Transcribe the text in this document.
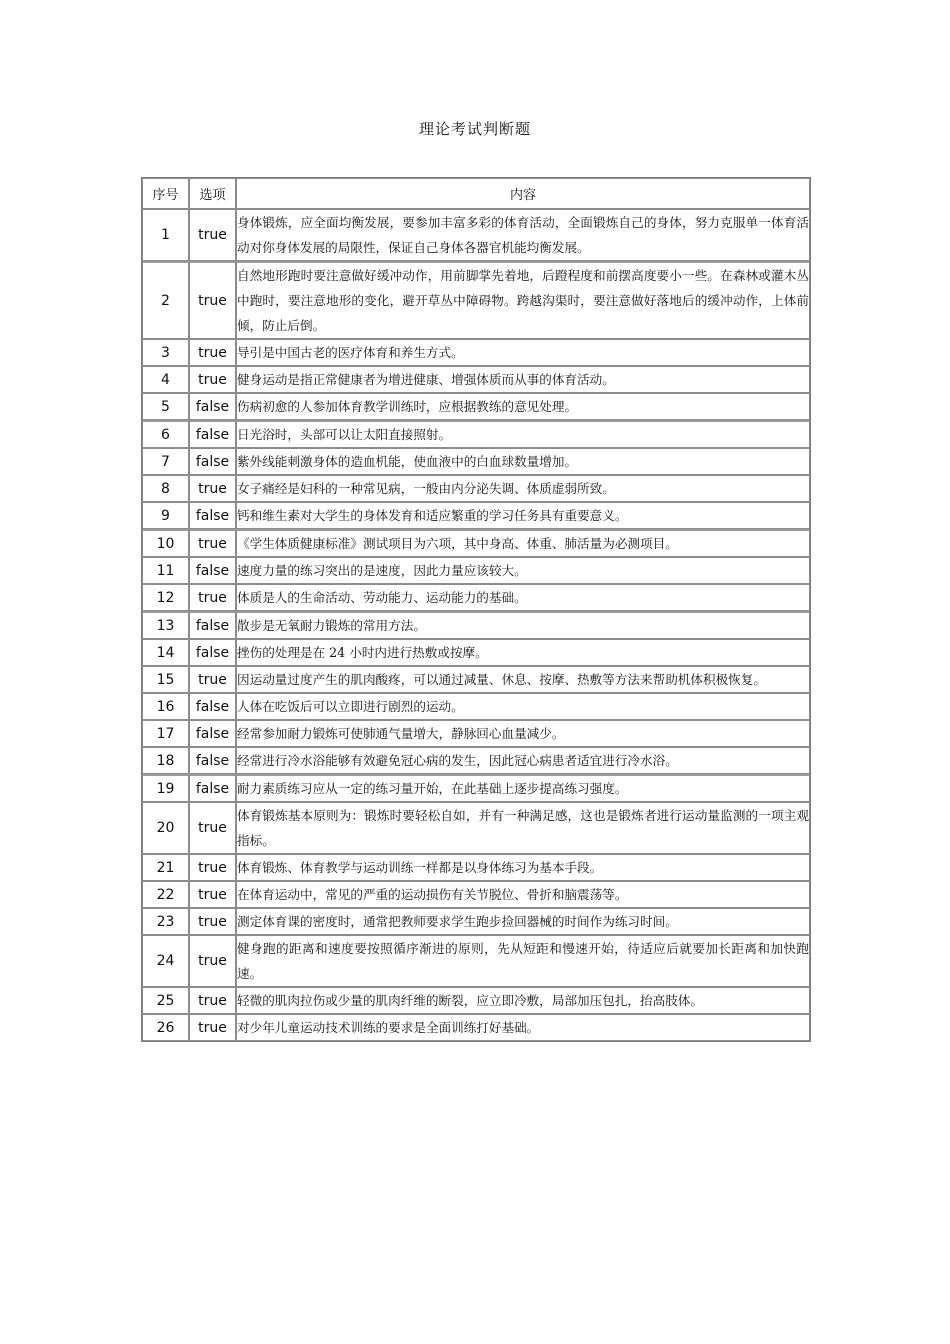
理论考试判断题
序号	选项	内容
1	true	身体锻炼，应全面均衡发展，要参加丰富多彩的体育活动，全面锻炼自己的身体，努力克服单一体育活动对你身体发展的局限性，保证自己身体各器官机能均衡发展。
2	true	自然地形跑时要注意做好缓冲动作，用前脚掌先着地，后蹬程度和前摆高度要小一些。在森林或灌木丛中跑时，要注意地形的变化，避开草丛中障碍物。跨越沟渠时，要注意做好落地后的缓冲动作，上体前倾，防止后倒。
3	true	导引是中国古老的医疗体育和养生方式。
4	true	健身运动是指正常健康者为增进健康、增强体质而从事的体育活动。
5	false	伤病初愈的人参加体育教学训练时，应根据教练的意见处理。
6	false	日光浴时，头部可以让太阳直接照射。
7	false	紫外线能刺激身体的造血机能，使血液中的白血球数量增加。
8	true	女子痛经是妇科的一种常见病，一般由内分泌失调、体质虚弱所致。
9	false	钙和维生素对大学生的身体发育和适应繁重的学习任务具有重要意义。
10	true	《学生体质健康标准》测试项目为六项，其中身高、体重、肺活量为必测项目。
11	false	速度力量的练习突出的是速度，因此力量应该较大。
12	true	体质是人的生命活动、劳动能力、运动能力的基础。
13	false	散步是无氧耐力锻炼的常用方法。
14	false	挫伤的处理是在 24 小时内进行热敷或按摩。
15	true	因运动量过度产生的肌肉酸疼，可以通过减量、休息、按摩、热敷等方法来帮助机体积极恢复。
16	false	人体在吃饭后可以立即进行剧烈的运动。
17	false	经常参加耐力锻炼可使肺通气量增大，静脉回心血量减少。
18	false	经常进行冷水浴能够有效避免冠心病的发生，因此冠心病患者适宜进行冷水浴。
19	false	耐力素质练习应从一定的练习量开始，在此基础上逐步提高练习强度。
20	true	体育锻炼基本原则为：锻炼时要轻松自如，并有一种满足感，这也是锻炼者进行运动量监测的一项主观指标。
21	true	体育锻炼、体育教学与运动训练一样都是以身体练习为基本手段。
22	true	在体育运动中，常见的严重的运动损伤有关节脱位、骨折和脑震荡等。
23	true	测定体育课的密度时，通常把教师要求学生跑步捡回器械的时间作为练习时间。
24	true	健身跑的距离和速度要按照循序渐进的原则，先从短距和慢速开始，待适应后就要加长距离和加快跑速。
25	true	轻微的肌肉拉伤或少量的肌肉纤维的断裂，应立即冷敷，局部加压包扎，抬高肢体。
26	true	对少年儿童运动技术训练的要求是全面训练打好基础。
